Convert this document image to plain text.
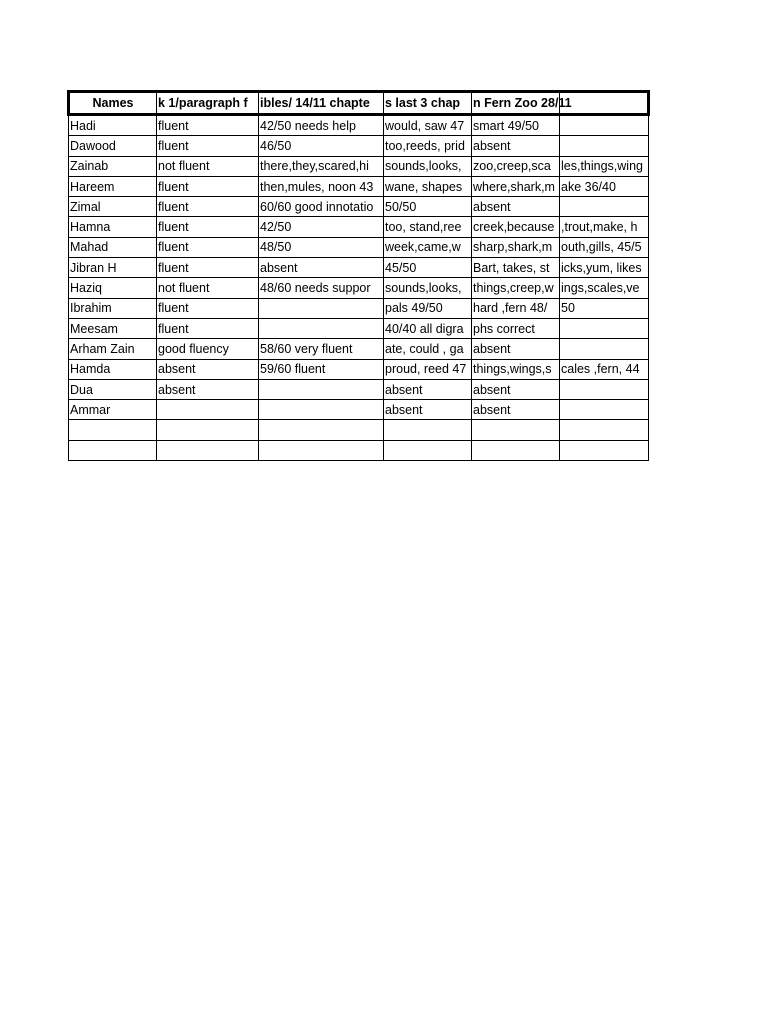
Names	k 1/paragraph f	ibles/ 14/11 chapte	s last 3 chap	n Fern Zoo 28/11	

Hadi	fluent	42/50 needs help	would, saw 47	smart 49/50	

Dawood	fluent	46/50	too,reeds, prid	absent	

Zainab	not fluent	there,they,scared,hi	sounds,looks,	zoo,creep,sca	les,things,wing

Hareem	fluent	then,mules, noon 43	wane, shapes	where,shark,m	ake 36/40

Zimal	fluent	60/60 good innotatio	50/50	absent	

Hamna	fluent	42/50	too, stand,ree	creek,because	,trout,make, h

Mahad	fluent	48/50	week,came,w	sharp,shark,m	outh,gills, 45/5

Jibran H	fluent	absent	45/50	Bart, takes, st	icks,yum, likes

Haziq	not fluent	48/60 needs suppor	sounds,looks,	things,creep,w	ings,scales,ve

Ibrahim	fluent		pals 49/50	hard ,fern 48/	50

Meesam	fluent		40/40 all digra	phs correct	

Arham Zain	good fluency	58/60 very fluent	ate, could , ga	absent	

Hamda	absent	59/60 fluent	proud, reed 47	things,wings,s	cales ,fern, 44

Dua	absent		absent	absent	

Ammar			absent	absent	
